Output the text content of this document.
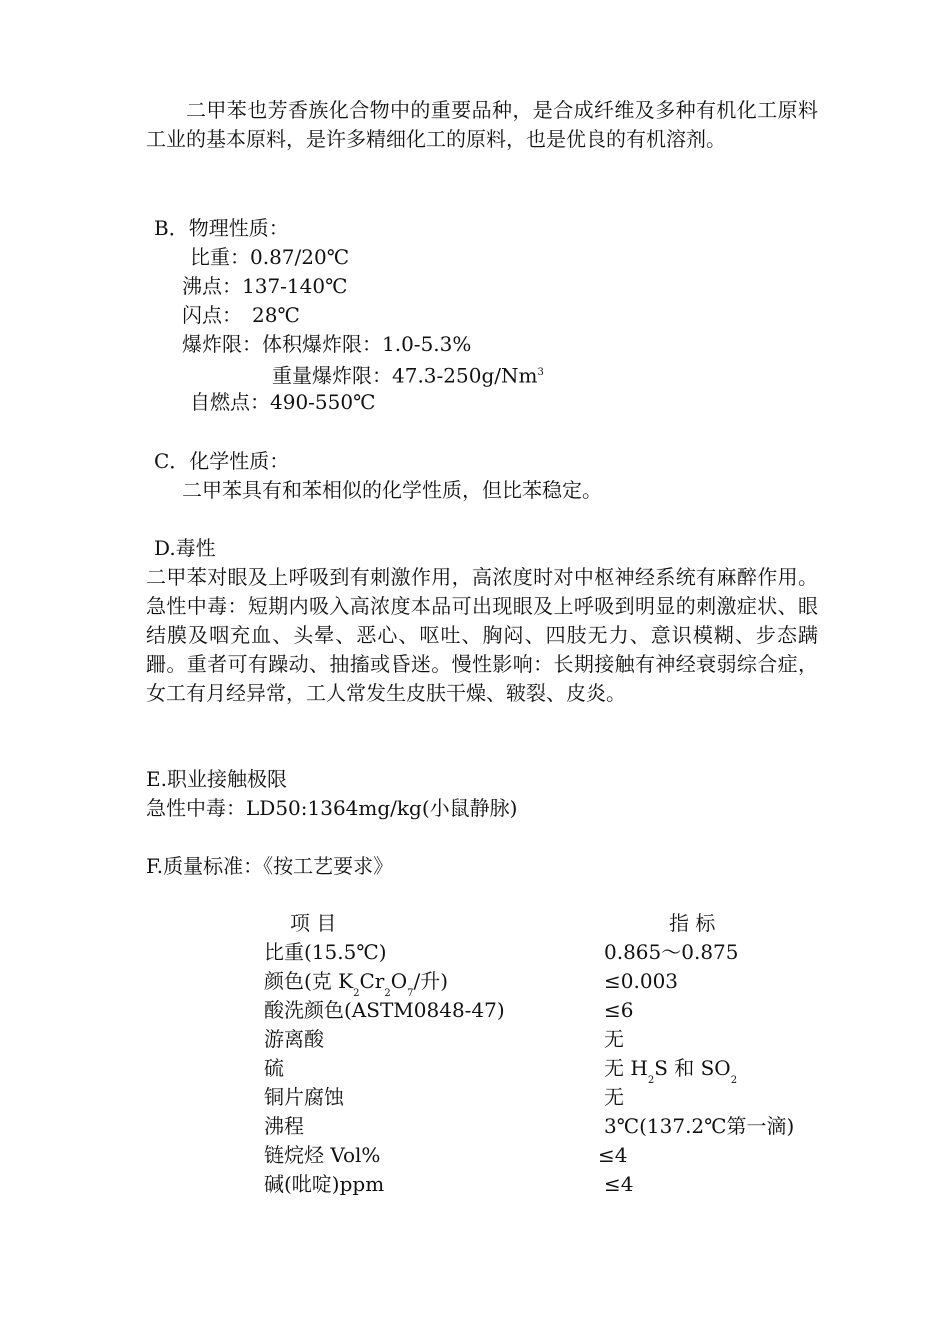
二甲苯也芳香族化合物中的重要品种，是合成纤维及多种有机化工原料工业的基本原料，是许多精细化工的原料，也是优良的有机溶剂。
B．物理性质：
比重：0.87/20℃
沸点：137-140℃
闪点：　28℃
爆炸限：体积爆炸限：1.0-5.3%
重量爆炸限：47.3-250g/Nm$^3$
自燃点：490-550℃
C．化学性质：
二甲苯具有和苯相似的化学性质，但比苯稳定。
D.毒性
二甲苯对眼及上呼吸到有刺激作用，高浓度时对中枢神经系统有麻醉作用。急性中毒：短期内吸入高浓度本品可出现眼及上呼吸到明显的刺激症状、眼结膜及咽充血、头晕、恶心、呕吐、胸闷、四肢无力、意识模糊、步态蹒跚。重者可有躁动、抽搐或昏迷。慢性影响：长期接触有神经衰弱综合症，女工有月经异常，工人常发生皮肤干燥、皲裂、皮炎。
E.职业接触极限
急性中毒：LD50:1364mg/kg(小鼠静脉)
F.质量标准：《按工艺要求》
项 目	指 标
比重(15.5℃)	0.865～0.875
颜色(克 $K_2Cr_2O_7/$升)	≤0.003
酸洗颜色(ASTM0848-47)	≤6
游离酸	无
硫	无 $H_2S$ 和 $SO_2$
铜片腐蚀	无
沸程	3℃(137.2℃第一滴)
链烷烃 Vol%	≤4
碱(吡啶)ppm	≤4
